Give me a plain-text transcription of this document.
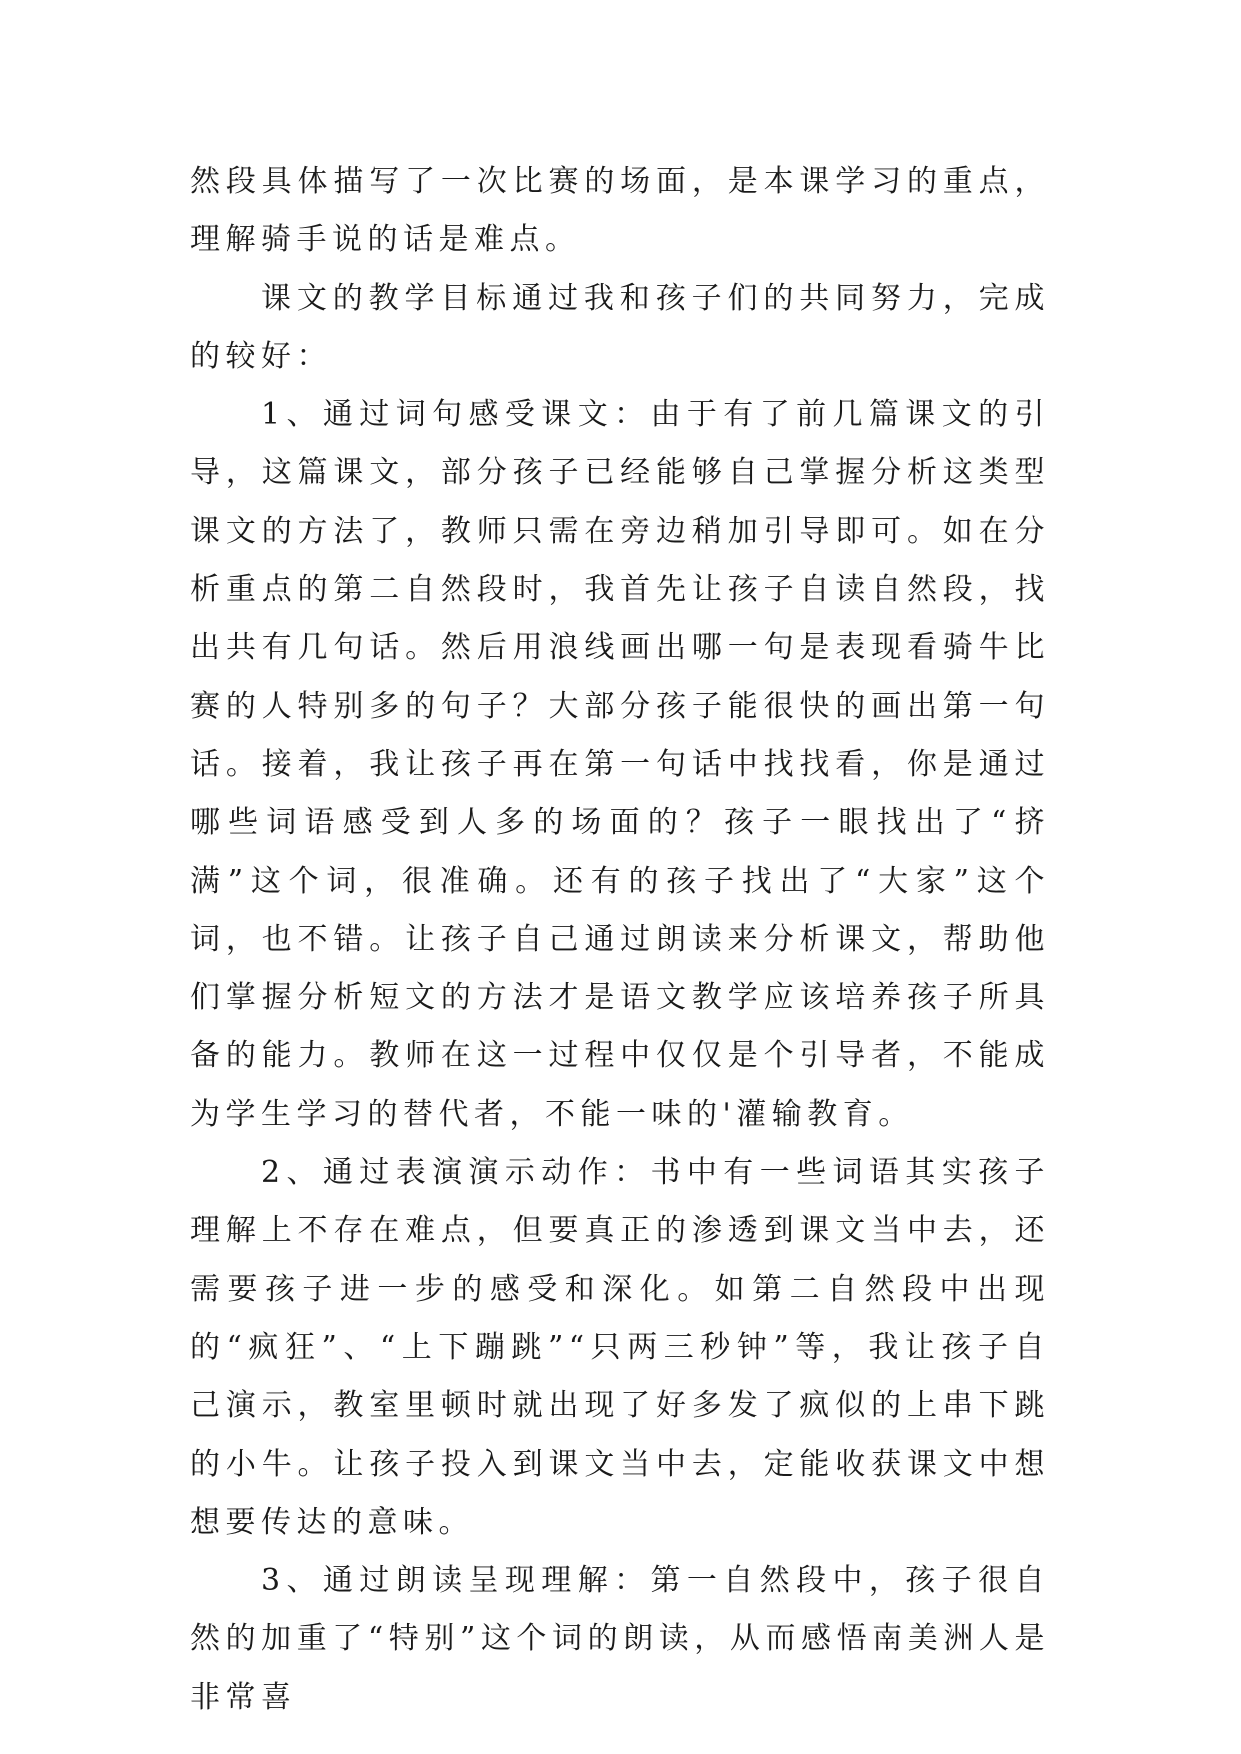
然段具体描写了一次比赛的场面，是本课学习的重点，理解骑手说的话是难点。

课文的教学目标通过我和孩子们的共同努力，完成的较好：

1、通过词句感受课文：由于有了前几篇课文的引导，这篇课文，部分孩子已经能够自己掌握分析这类型课文的方法了，教师只需在旁边稍加引导即可。如在分析重点的第二自然段时，我首先让孩子自读自然段，找出共有几句话。然后用浪线画出哪一句是表现看骑牛比赛的人特别多的句子？大部分孩子能很快的画出第一句话。接着，我让孩子再在第一句话中找找看，你是通过哪些词语感受到人多的场面的？孩子一眼找出了“挤满”这个词，很准确。还有的孩子找出了“大家”这个词，也不错。让孩子自己通过朗读来分析课文，帮助他们掌握分析短文的方法才是语文教学应该培养孩子所具备的能力。教师在这一过程中仅仅是个引导者，不能成为学生学习的替代者，不能一味的'灌输教育。

2、通过表演演示动作：书中有一些词语其实孩子理解上不存在难点，但要真正的渗透到课文当中去，还需要孩子进一步的感受和深化。如第二自然段中出现的“疯狂”、“上下蹦跳”“只两三秒钟”等，我让孩子自己演示，教室里顿时就出现了好多发了疯似的上串下跳的小牛。让孩子投入到课文当中去，定能收获课文中想想要传达的意味。

3、通过朗读呈现理解：第一自然段中，孩子很自然的加重了“特别”这个词的朗读，从而感悟南美洲人是非常喜
